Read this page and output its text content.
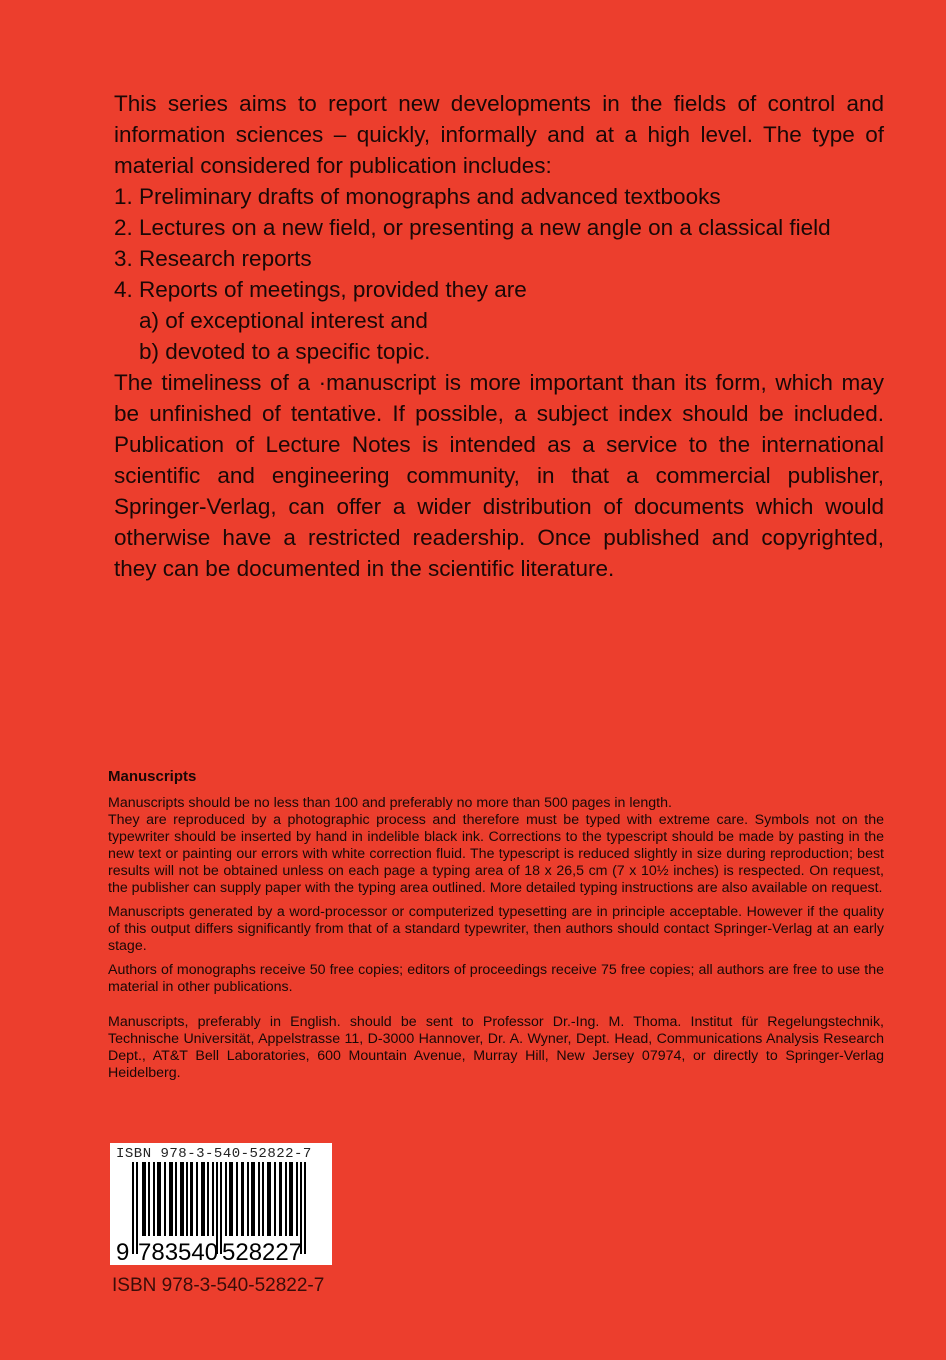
This series aims to report new developments in the fields of control and information sciences – quickly, informally and at a high level. The type of material considered for publication includes:

1. Preliminary drafts of monographs and advanced textbooks

2. Lectures on a new field, or presenting a new angle on a classical field

3. Research reports

4. Reports of meetings, provided they are

a) of exceptional interest and

b) devoted to a specific topic.

The timeliness of a ·manuscript is more important than its form, which may be unfinished of tentative. If possible, a subject index should be included. Publication of Lecture Notes is intended as a service to the international scientific and engineering community, in that a commercial publisher, Springer-Verlag, can offer a wider distribution of documents which would otherwise have a restricted readership. Once published and copyrighted, they can be documented in the scientific literature.

Manuscripts

Manuscripts should be no less than 100 and preferably no more than 500 pages in length.

They are reproduced by a photographic process and therefore must be typed with extreme care. Symbols not on the typewriter should be inserted by hand in indelible black ink. Corrections to the typescript should be made by pasting in the new text or painting our errors with white correction fluid. The typescript is reduced slightly in size during reproduction; best results will not be obtained unless on each page a typing area of 18 x 26,5 cm (7 x 10½ inches) is respected. On request, the publisher can supply paper with the typing area outlined. More detailed typing instructions are also available on request.

Manuscripts generated by a word-processor or computerized typesetting are in principle acceptable. However if the quality of this output differs significantly from that of a standard typewriter, then authors should contact Springer-Verlag at an early stage.

Authors of monographs receive 50 free copies; editors of proceedings receive 75 free copies; all authors are free to use the material in other publications.

Manuscripts, preferably in English. should be sent to Professor Dr.-Ing. M. Thoma. Institut für Regelungstechnik, Technische Universität, Appelstrasse 11, D-3000 Hannover, Dr. A. Wyner, Dept. Head, Communications Analysis Research Dept., AT&T Bell Laboratories, 600 Mountain Avenue, Murray Hill, New Jersey 07974, or directly to Springer-Verlag Heidelberg.

ISBN 978-3-540-52822-7
9 783540 528227
ISBN 978-3-540-52822-7
